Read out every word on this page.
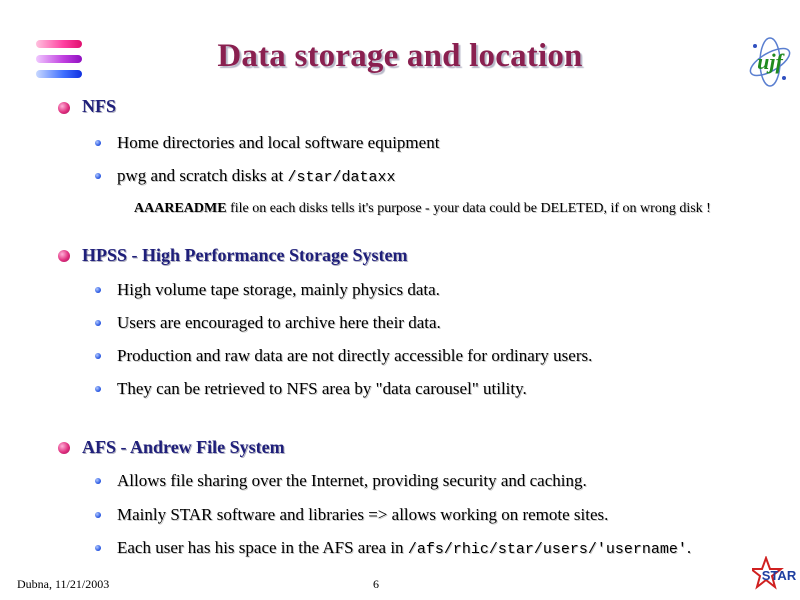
Data storage and location	ujf
NFS
Home directories and local software equipment
pwg and scratch disks at /star/dataxx
AAAREADME file on each disks tells it's purpose - your data could be DELETED, if on wrong disk !
HPSS - High Performance Storage System
High volume tape storage, mainly physics data.
Users are encouraged to archive here their data.
Production and raw data are not directly accessible for ordinary users.
They can be retrieved to NFS area by "data carousel" utility.
AFS - Andrew File System
Allows file sharing over the Internet, providing security and caching.
Mainly STAR software and libraries => allows working on remote sites.
Each user has his space in the AFS area in /afs/rhic/star/users/'username'.
Dubna, 11/21/2003	6
STAR
